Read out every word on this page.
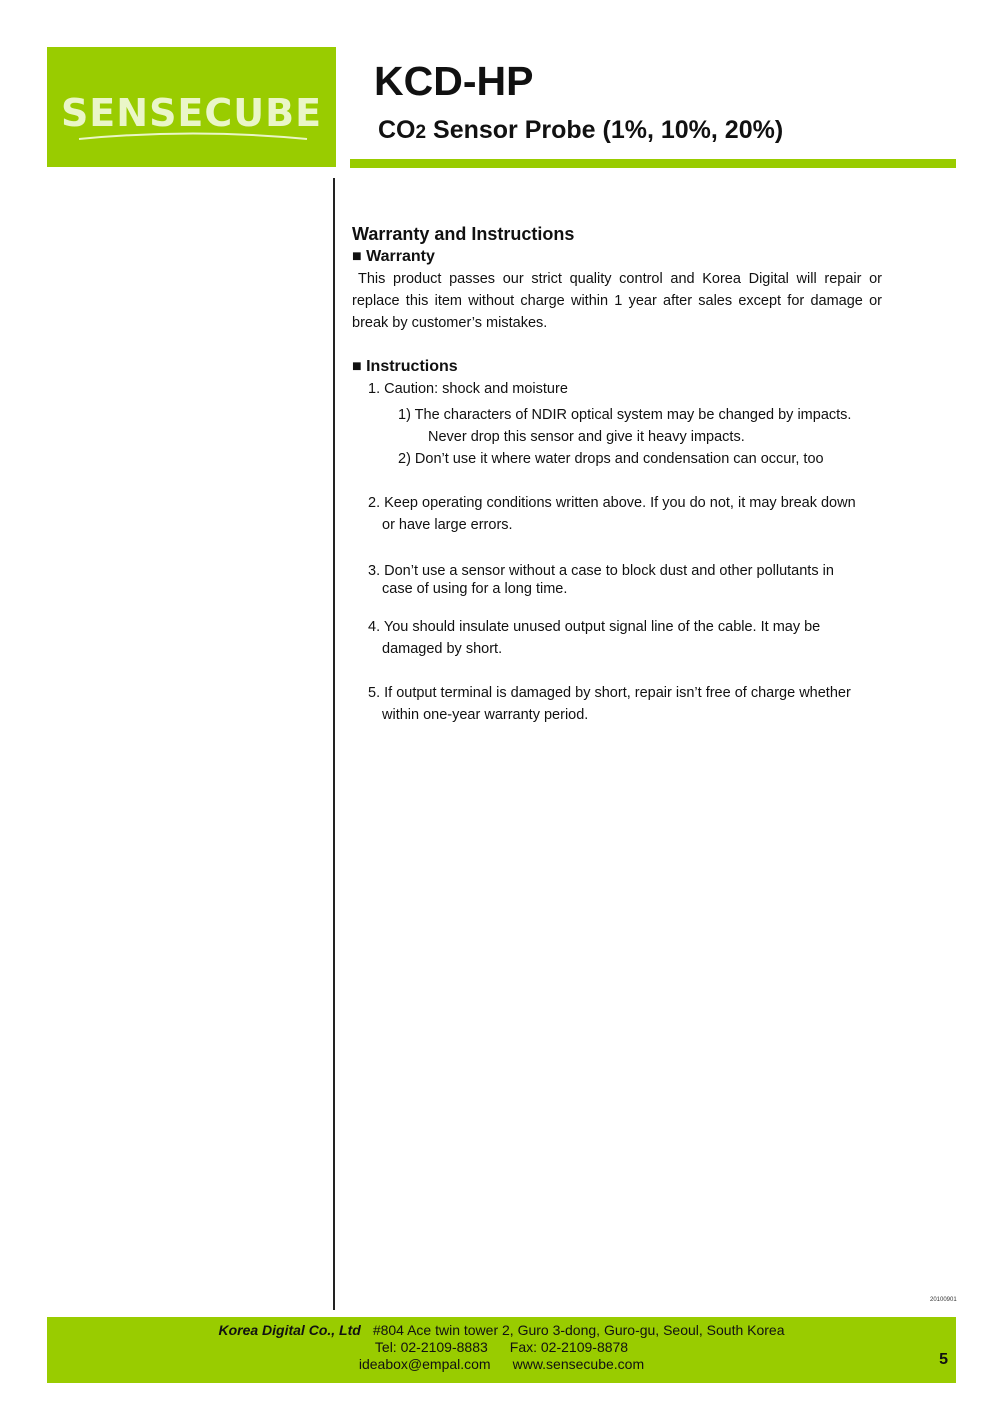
SENSECUBE
KCD-HP
CO2 Sensor Probe (1%, 10%, 20%)

Warranty and Instructions

■ Warranty

This product passes our strict quality control and Korea Digital will repair or replace this item without charge within 1 year after sales except for damage or break by customer’s mistakes.

■ Instructions

1. Caution: shock and moisture
1) The characters of NDIR optical system may be changed by impacts.
Never drop this sensor and give it heavy impacts.
2) Don’t use it where water drops and condensation can occur, too
2. Keep operating conditions written above. If you do not, it may break down
or have large errors.
3. Don’t use a sensor without a case to block dust and other pollutants in
case of using for a long time.
4. You should insulate unused output signal line of the cable. It may be
damaged by short.
5. If output terminal is damaged by short, repair isn’t free of charge whether
within one-year warranty period.
20100901
Korea Digital Co., Ltd #804 Ace twin tower 2, Guro 3-dong, Guro-gu, Seoul, South Korea
Tel: 02-2109-8883 Fax: 02-2109-8878
ideabox@empal.com www.sensecube.com	5
